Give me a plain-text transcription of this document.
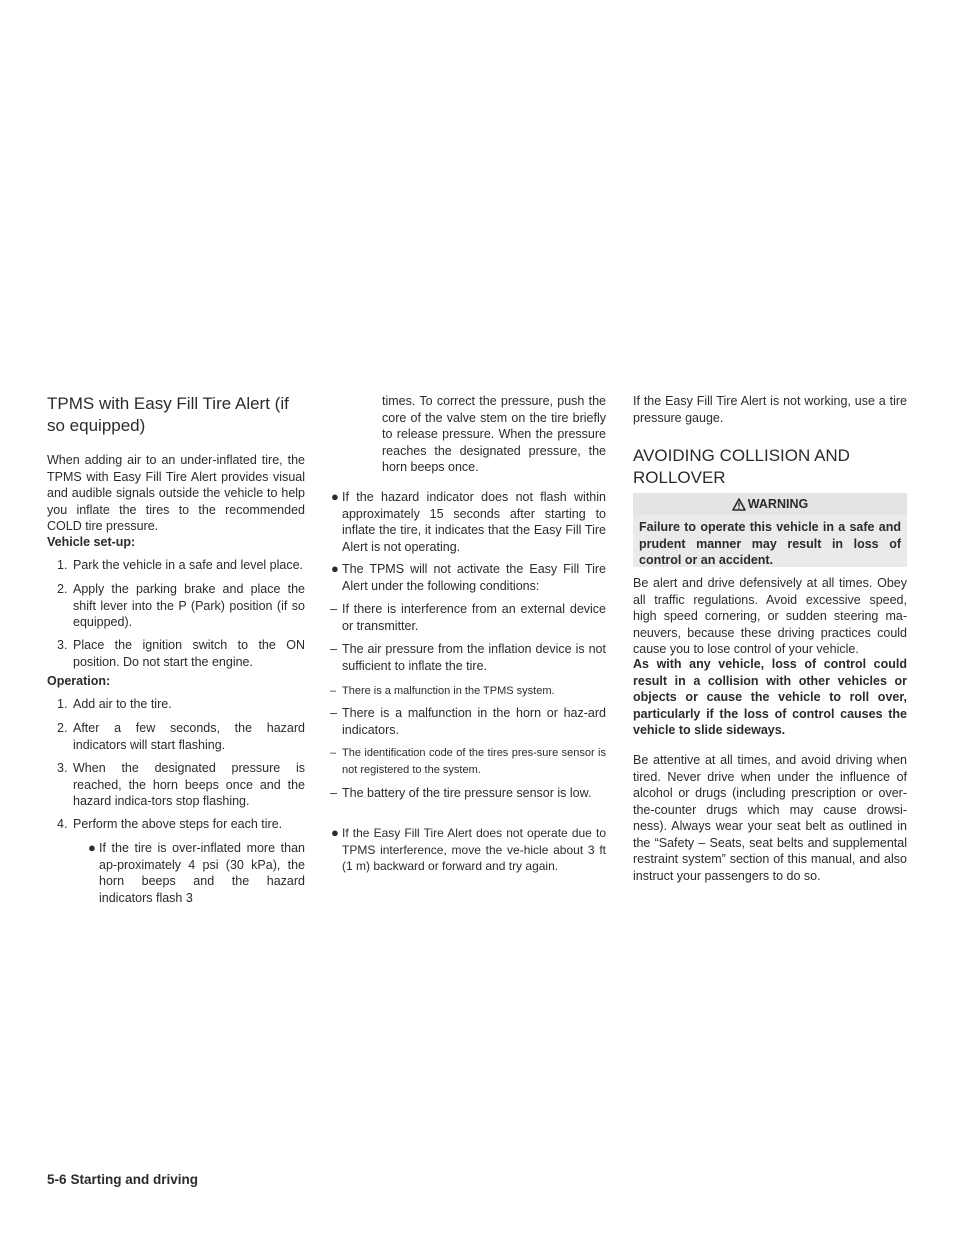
TPMS with Easy Fill Tire Alert (if so equipped)

When adding air to an under-inflated tire, the TPMS with Easy Fill Tire Alert provides visual and audible signals outside the vehicle to help you inflate the tires to the recommended COLD tire pressure.

Vehicle set-up:

1. Park the vehicle in a safe and level place.
2. Apply the parking brake and place the shift lever into the P (Park) position (if so equipped).
3. Place the ignition switch to the ON position. Do not start the engine.

Operation:

1. Add air to the tire.
2. After a few seconds, the hazard indicators will start flashing.
3. When the designated pressure is reached, the horn beeps once and the hazard indica-tors stop flashing.
4. Perform the above steps for each tire.
● If the tire is over-inflated more than ap-proximately 4 psi (30 kPa), the horn beeps and the hazard indicators flash 3

times. To correct the pressure, push the core of the valve stem on the tire briefly to release pressure. When the pressure reaches the designated pressure, the horn beeps once.

● If the hazard indicator does not flash within approximately 15 seconds after starting to inflate the tire, it indicates that the Easy Fill Tire Alert is not operating.
● The TPMS will not activate the Easy Fill Tire Alert under the following conditions:
– If there is interference from an external device or transmitter.
– The air pressure from the inflation device is not sufficient to inflate the tire.
– There is a malfunction in the TPMS system.
– There is a malfunction in the horn or haz-ard indicators.
– The identification code of the tires pres-sure sensor is not registered to the system.
– The battery of the tire pressure sensor is low.
● If the Easy Fill Tire Alert does not operate due to TPMS interference, move the ve-hicle about 3 ft (1 m) backward or forward and try again.

If the Easy Fill Tire Alert is not working, use a tire pressure gauge.

AVOIDING COLLISION AND ROLLOVER
WARNING
Failure to operate this vehicle in a safe and prudent manner may result in loss of control or an accident.

Be alert and drive defensively at all times. Obey all traffic regulations. Avoid excessive speed, high speed cornering, or sudden steering ma-neuvers, because these driving practices could cause you to lose control of your vehicle.

As with any vehicle, loss of control could result in a collision with other vehicles or objects or cause the vehicle to roll over, particularly if the loss of control causes the vehicle to slide sideways.

Be attentive at all times, and avoid driving when tired. Never drive when under the influence of alcohol or drugs (including prescription or over-the-counter drugs which may cause drowsi-ness). Always wear your seat belt as outlined in the “Safety – Seats, seat belts and supplemental restraint system” section of this manual, and also instruct your passengers to do so.

5-6 Starting and driving
